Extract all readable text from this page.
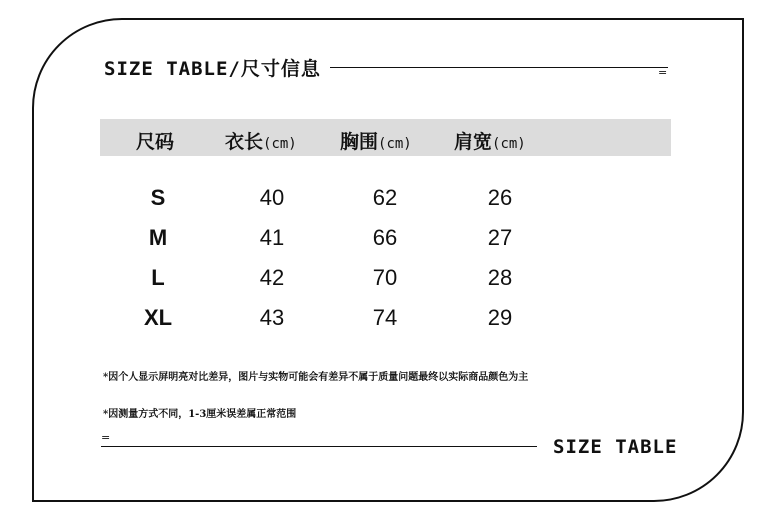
SIZE TABLE/尺寸信息	=
尺码	衣长(cm) 胸围(cm) 肩宽(cm)
S	40	62	26
M	41	66	27
L	42	70	28
XL	43	74	29
*因个人显示屏明亮对比差异，图片与实物可能会有差异不属于质量问题最终以实际商品颜色为主
*因测量方式不同，1-3厘米误差属正常范围
=	SIZE TABLE
